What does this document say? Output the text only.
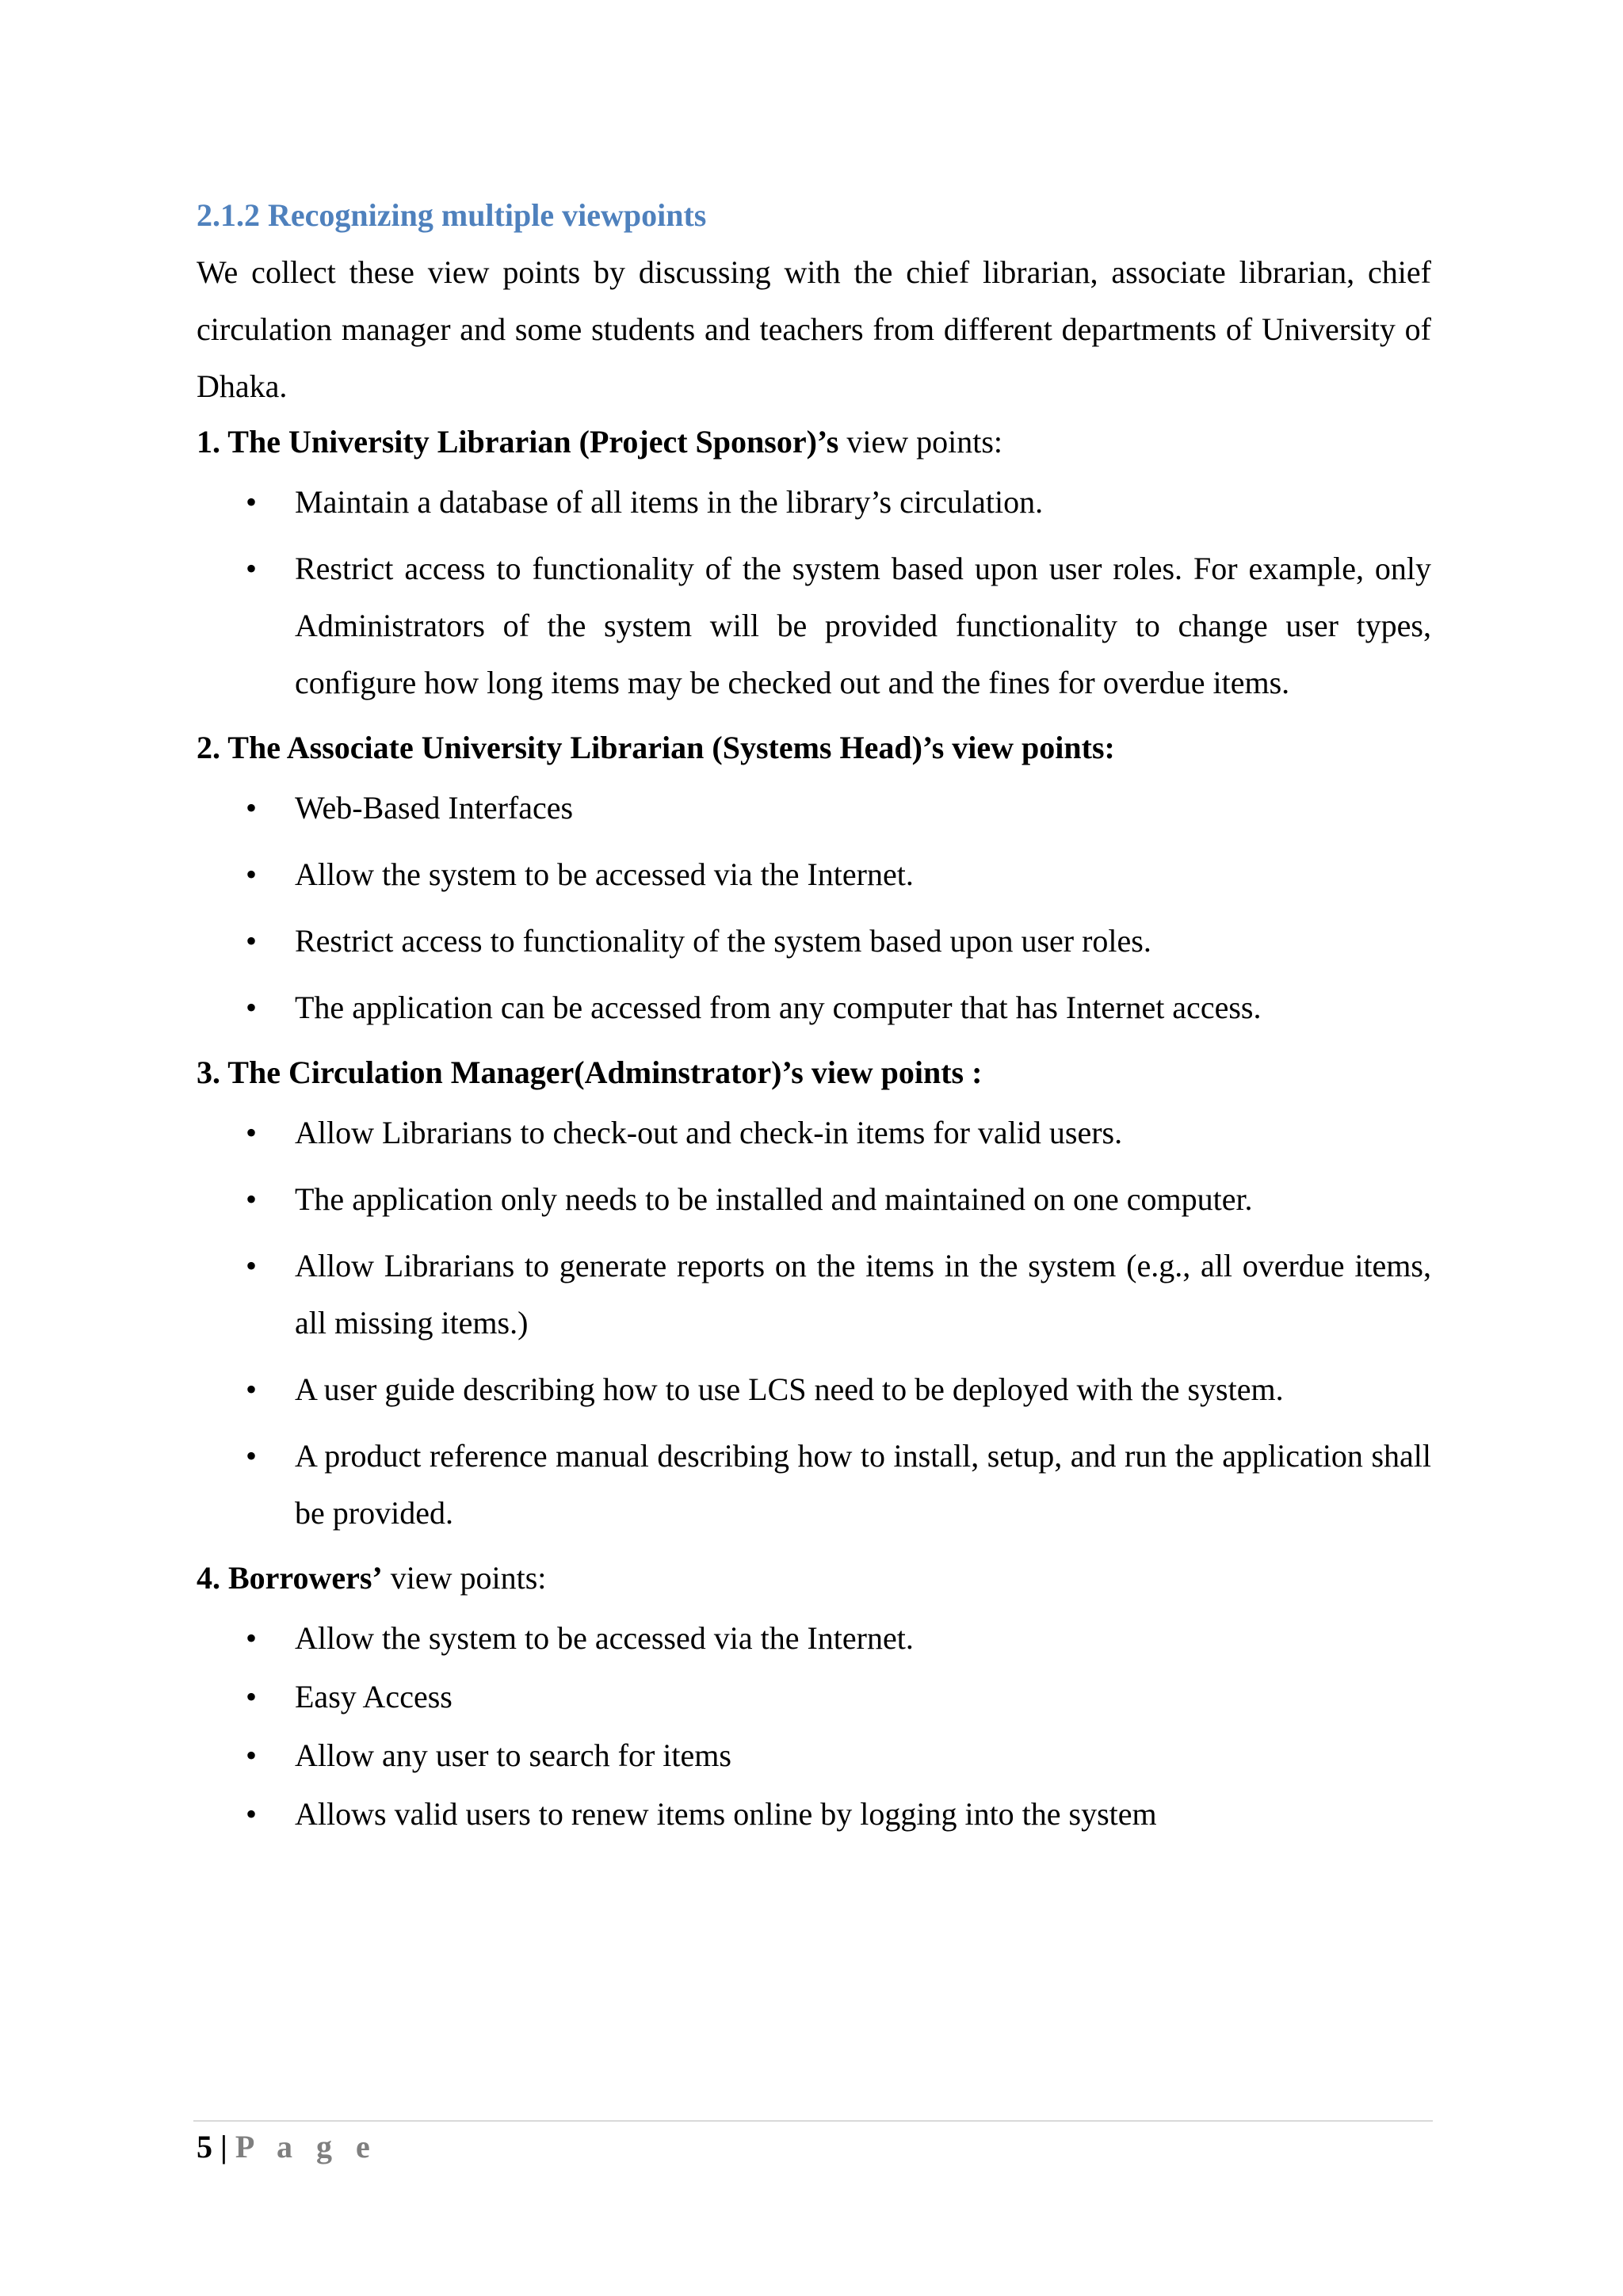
2.1.2 Recognizing multiple viewpoints

We collect these view points by discussing with the chief librarian, associate librarian, chief circulation manager and some students and teachers from different departments of University of Dhaka.

1. The University Librarian (Project Sponsor)’s view points:

• Maintain a database of all items in the library’s circulation.
• Restrict access to functionality of the system based upon user roles. For example, only Administrators of the system will be provided functionality to change user types, configure how long items may be checked out and the fines for overdue items.

2. The Associate University Librarian (Systems Head)’s view points:

• Web-Based Interfaces
• Allow the system to be accessed via the Internet.
• Restrict access to functionality of the system based upon user roles.
• The application can be accessed from any computer that has Internet access.

3. The Circulation Manager(Adminstrator)’s view points :

• Allow Librarians to check-out and check-in items for valid users.
• The application only needs to be installed and maintained on one computer.
• Allow Librarians to generate reports on the items in the system (e.g., all overdue items, all missing items.)
• A user guide describing how to use LCS need to be deployed with the system.
• A product reference manual describing how to install, setup, and run the application shall be provided.

4. Borrowers’ view points:

• Allow the system to be accessed via the Internet.
• Easy Access
• Allow any user to search for items
• Allows valid users to renew items online by logging into the system
5 | P a g e
